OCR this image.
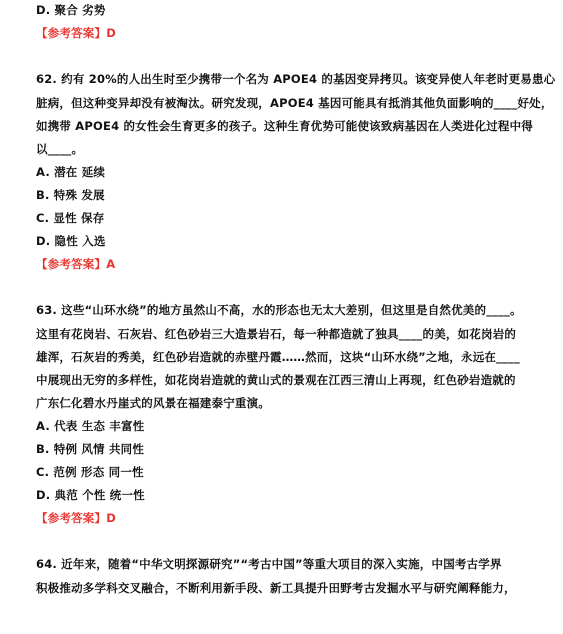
D. 聚合 劣势
【参考答案】D
62. 约有 20%的人出生时至少携带一个名为 APOE4 的基因变异拷贝。该变异使人年老时更易患心
脏病，但这种变异却没有被淘汰。研究发现，APOE4 基因可能具有抵消其他负面影响的____好处，
如携带 APOE4 的女性会生育更多的孩子。这种生育优势可能使该致病基因在人类进化过程中得
以____。
A. 潜在 延续
B. 特殊 发展
C. 显性 保存
D. 隐性 入选
【参考答案】A
63. 这些“山环水绕”的地方虽然山不高，水的形态也无太大差别，但这里是自然优美的____。
这里有花岗岩、石灰岩、红色砂岩三大造景岩石，每一种都造就了独具____的美，如花岗岩的
雄浑，石灰岩的秀美，红色砂岩造就的赤壁丹霞……然而，这块“山环水绕”之地，永远在____
中展现出无穷的多样性，如花岗岩造就的黄山式的景观在江西三清山上再现，红色砂岩造就的
广东仁化碧水丹崖式的风景在福建泰宁重演。
A. 代表 生态 丰富性
B. 特例 风情 共同性
C. 范例 形态 同一性
D. 典范 个性 统一性
【参考答案】D
64. 近年来，随着“中华文明探源研究”“考古中国”等重大项目的深入实施，中国考古学界
积极推动多学科交叉融合，不断利用新手段、新工具提升田野考古发掘水平与研究阐释能力，
